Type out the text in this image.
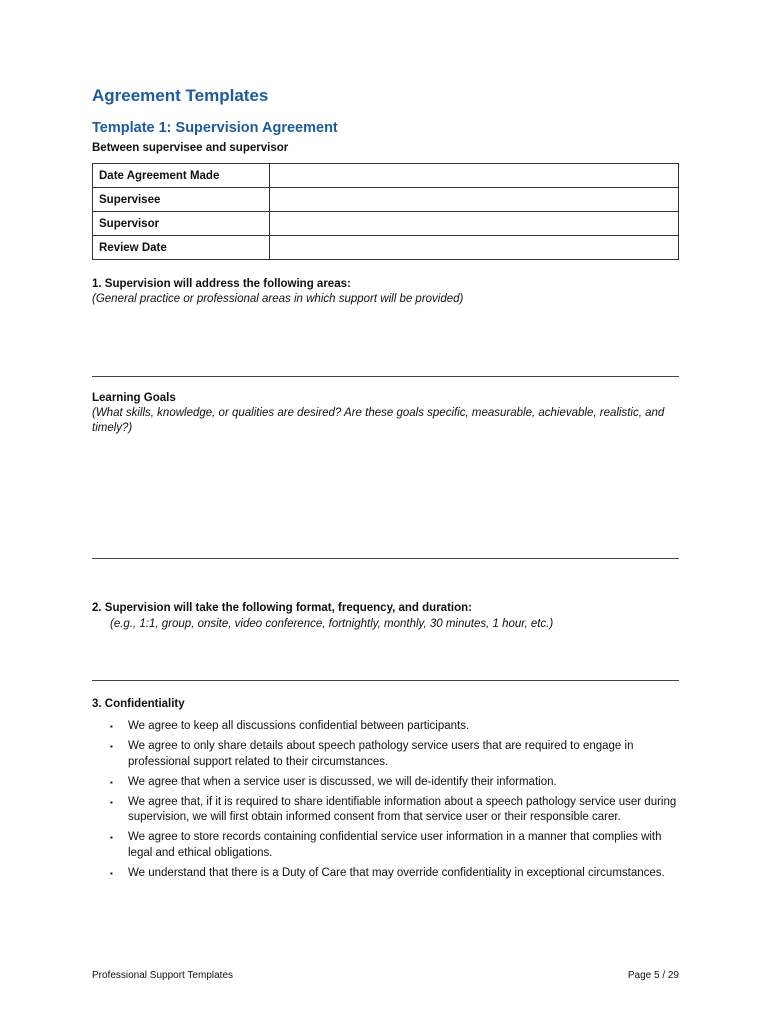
Agreement Templates
Template 1: Supervision Agreement
Between supervisee and supervisor
Date Agreement Made	
Supervisee	
Supervisor	
Review Date	
1. Supervision will address the following areas:
(General practice or professional areas in which support will be provided)
Learning Goals
(What skills, knowledge, or qualities are desired? Are these goals specific, measurable, achievable, realistic, and timely?)
2. Supervision will take the following format, frequency, and duration:
(e.g., 1:1, group, onsite, video conference, fortnightly, monthly, 30 minutes, 1 hour, etc.)
3. Confidentiality
▪ We agree to keep all discussions confidential between participants.
▪ We agree to only share details about speech pathology service users that are required to engage in professional support related to their circumstances.
▪ We agree that when a service user is discussed, we will de-identify their information.
▪ We agree that, if it is required to share identifiable information about a speech pathology service user during supervision, we will first obtain informed consent from that service user or their responsible carer.
▪ We agree to store records containing confidential service user information in a manner that complies with legal and ethical obligations.
▪ We understand that there is a Duty of Care that may override confidentiality in exceptional circumstances.
Professional Support Templates	Page 5 / 29
